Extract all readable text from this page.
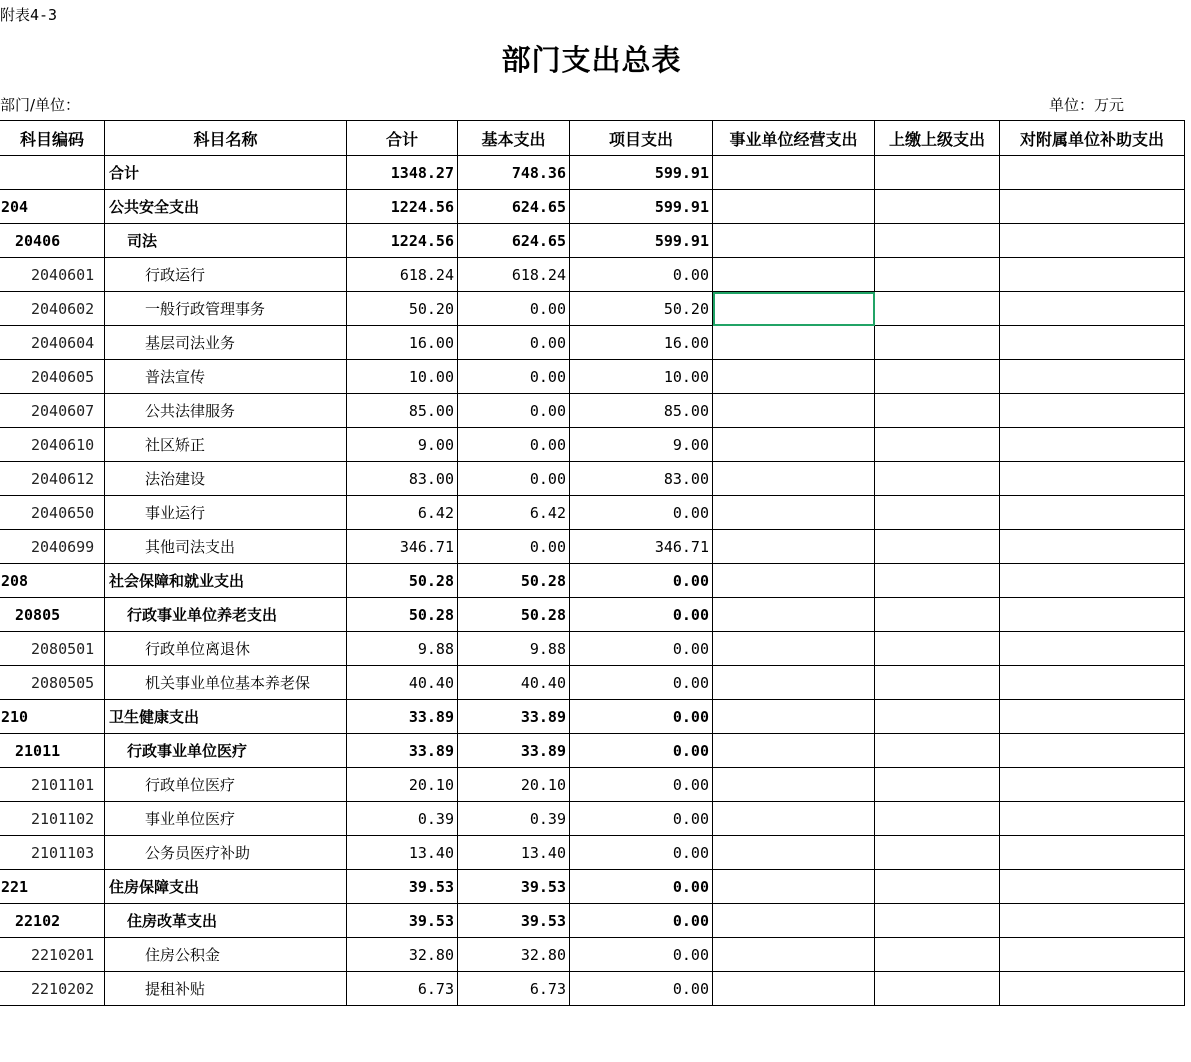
附表4-3
部门支出总表
部门/单位：	单位：万元
科目编码	科目名称	合计	基本支出	项目支出	事业单位经营支出	上缴上级支出	对附属单位补助支出
	合计	1348.27	748.36	599.91			
204	公共安全支出	1224.56	624.65	599.91			
20406	司法	1224.56	624.65	599.91			
2040601	行政运行	618.24	618.24	0.00			
2040602	一般行政管理事务	50.20	0.00	50.20			
2040604	基层司法业务	16.00	0.00	16.00			
2040605	普法宣传	10.00	0.00	10.00			
2040607	公共法律服务	85.00	0.00	85.00			
2040610	社区矫正	9.00	0.00	9.00			
2040612	法治建设	83.00	0.00	83.00			
2040650	事业运行	6.42	6.42	0.00			
2040699	其他司法支出	346.71	0.00	346.71			
208	社会保障和就业支出	50.28	50.28	0.00			
20805	行政事业单位养老支出	50.28	50.28	0.00			
2080501	行政单位离退休	9.88	9.88	0.00			
2080505	机关事业单位基本养老保	40.40	40.40	0.00			
210	卫生健康支出	33.89	33.89	0.00			
21011	行政事业单位医疗	33.89	33.89	0.00			
2101101	行政单位医疗	20.10	20.10	0.00			
2101102	事业单位医疗	0.39	0.39	0.00			
2101103	公务员医疗补助	13.40	13.40	0.00			
221	住房保障支出	39.53	39.53	0.00			
22102	住房改革支出	39.53	39.53	0.00			
2210201	住房公积金	32.80	32.80	0.00			
2210202	提租补贴	6.73	6.73	0.00			
